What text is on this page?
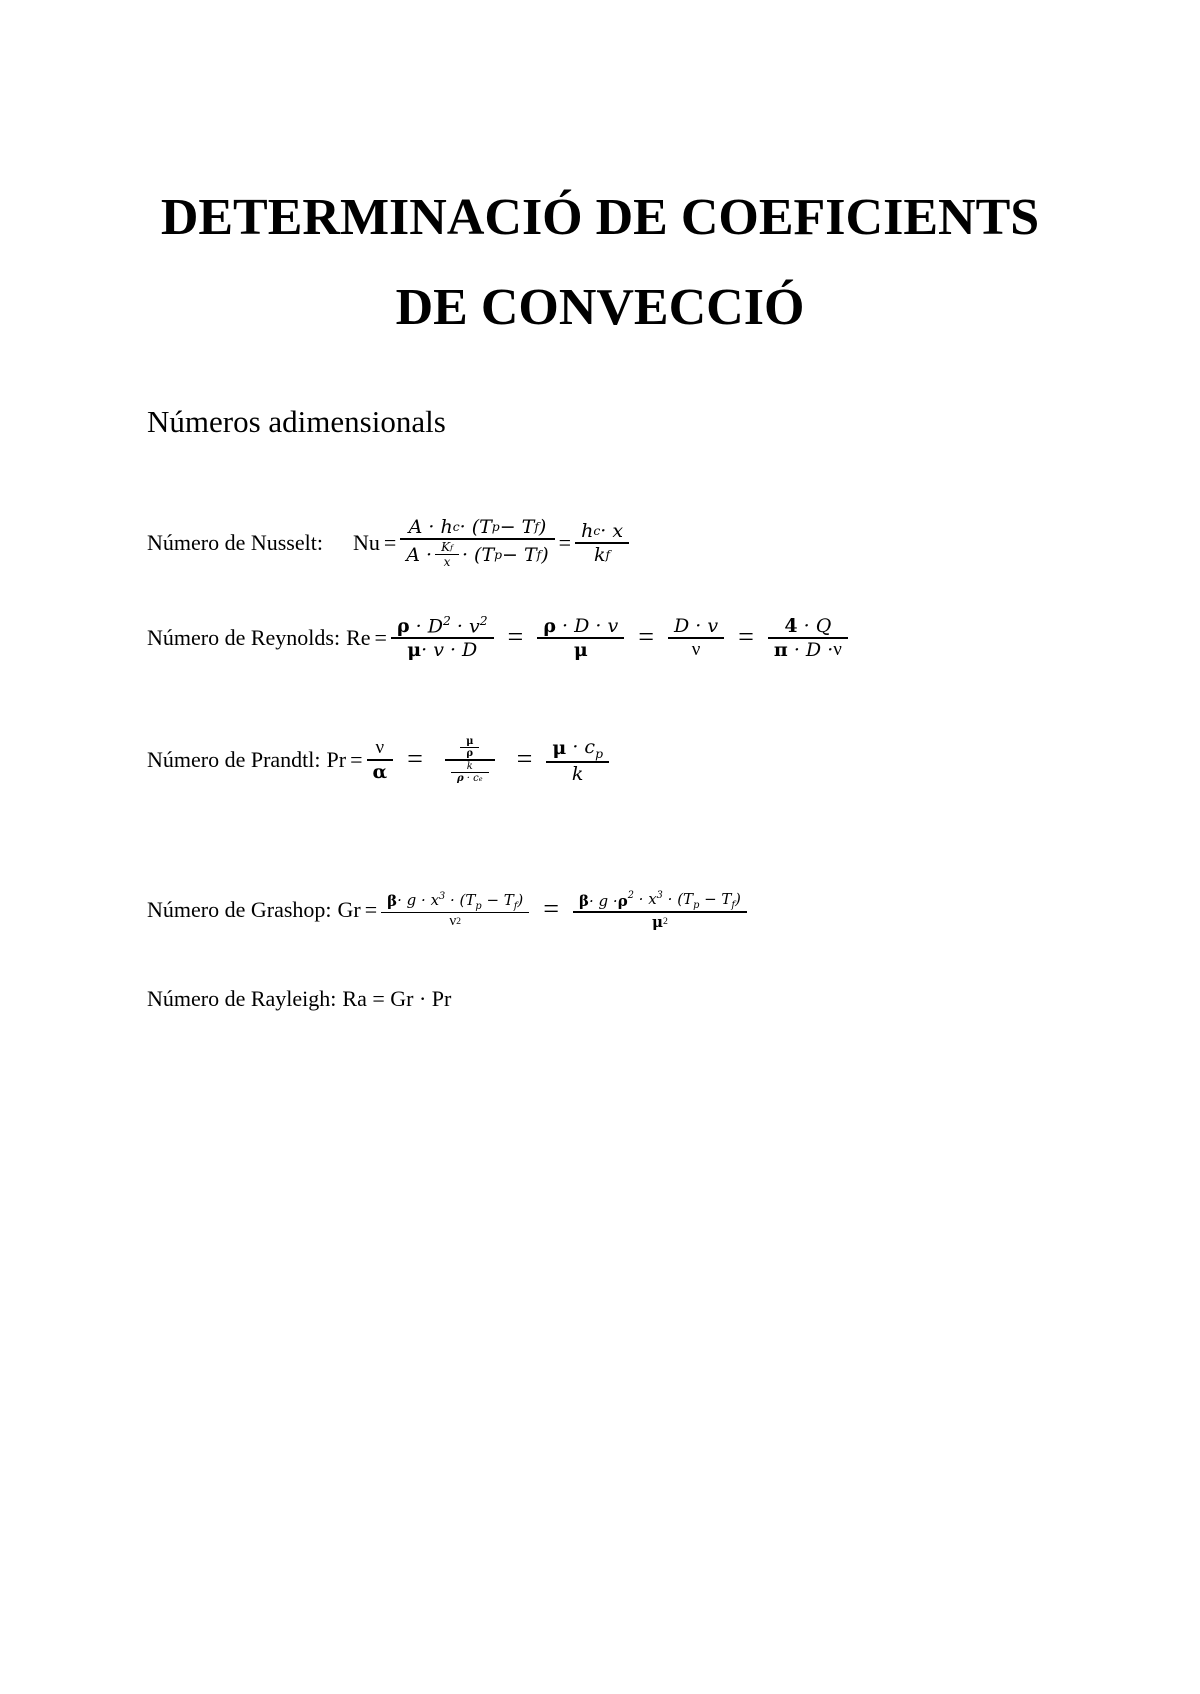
DETERMINACIÓ DE COEFICIENTS
DE CONVECCIÓ
Números adimensionals
Número de Nusselt: $Nu = \frac{\text{A · h c · (T p − T f )}}{A \cdot \frac{\text{K f}}{x} \cdot (T p - T f )} = \frac{\text{h c · x}}{\text{k f}}$
Número de Reynolds: $Re = \frac{\rho \cdot D^2 \cdot v^2}{\mu \cdot v \cdot D} = \frac{\rho \cdot D \cdot v}{\mu} = \frac{D \cdot v}{\nu} = \frac{4 \cdot Q}{\pi \cdot D \cdot \nu}$
Número de Prandtl: $Pr = \frac{\nu}{\alpha} = \frac{\frac{\mu}{\rho}}{\frac{k}{\text{ρ · c e}}} = \frac{\mu \cdot c_p}{k}$
Número de Grashop: $Gr = \frac{\beta \cdot g \cdot x^3 \cdot (T_p - T_f)}{\nu 2} = \frac{\beta \cdot g \cdot \rho ^2 \cdot x^3 \cdot (T_p - T_f)}{\mu 2}$
Número de Rayleigh: Ra = Gr · Pr
